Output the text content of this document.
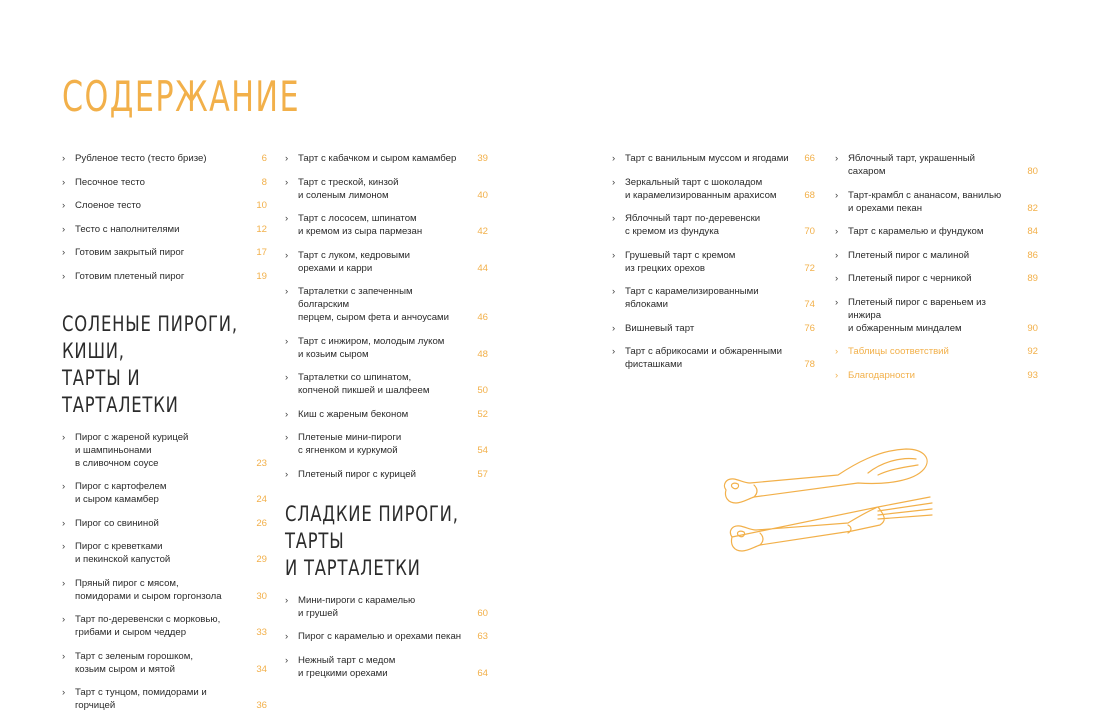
СОДЕРЖАНИЕ
› Рубленое тесто (тесто бризе)	6
› Песочное тесто	8
› Слоеное тесто	10
› Тесто с наполнителями	12
› Готовим закрытый пирог	17
› Готовим плетеный пирог	19
СОЛЕНЫЕ ПИРОГИ, КИШИ,
ТАРТЫ И ТАРТАЛЕТКИ
› Пирог с жареной курицей
и шампиньонами
в сливочном соусе	23
› Пирог с картофелем
и сыром камамбер	24
› Пирог со свининой	26
› Пирог с креветками
и пекинской капустой	29
› Пряный пирог с мясом,
помидорами и сыром горгонзола	30
› Тарт по-деревенски с морковью,
грибами и сыром чеддер	33
› Тарт с зеленым горошком,
козьим сыром и мятой	34
› Тарт с тунцом, помидорами и горчицей	36
› Тарт с кабачком и сыром камамбер	39
› Тарт с треской, кинзой
и соленым лимоном	40
› Тарт с лососем, шпинатом
и кремом из сыра пармезан	42
› Тарт с луком, кедровыми
орехами и карри	44
› Тарталетки с запеченным болгарским
перцем, сыром фета и анчоусами	46
› Тарт с инжиром, молодым луком
и козьим сыром	48
› Тарталетки со шпинатом,
копченой пикшей и шалфеем	50
› Киш с жареным беконом	52
› Плетеные мини-пироги
с ягненком и куркумой	54
› Плетеный пирог с курицей	57
СЛАДКИЕ ПИРОГИ, ТАРТЫ
И ТАРТАЛЕТКИ
› Мини-пироги с карамелью
и грушей	60
› Пирог с карамелью и орехами пекан	63
› Нежный тарт с медом
и грецкими орехами	64
› Тарт с ванильным муссом и ягодами	66
› Зеркальный тарт с шоколадом
и карамелизированным арахисом	68
› Яблочный тарт по-деревенски
с кремом из фундука	70
› Грушевый тарт с кремом
из грецких орехов	72
› Тарт с карамелизированными яблоками	74
› Вишневый тарт	76
› Тарт с абрикосами и обжаренными
фисташками	78
› Яблочный тарт, украшенный сахаром	80
› Тарт-крамбл с ананасом, ванилью
и орехами пекан	82
› Тарт с карамелью и фундуком	84
› Плетеный пирог с малиной	86
› Плетеный пирог с черникой	89
› Плетеный пирог с вареньем из инжира
и обжаренным миндалем	90
› Таблицы соответствий	92
› Благодарности	93
